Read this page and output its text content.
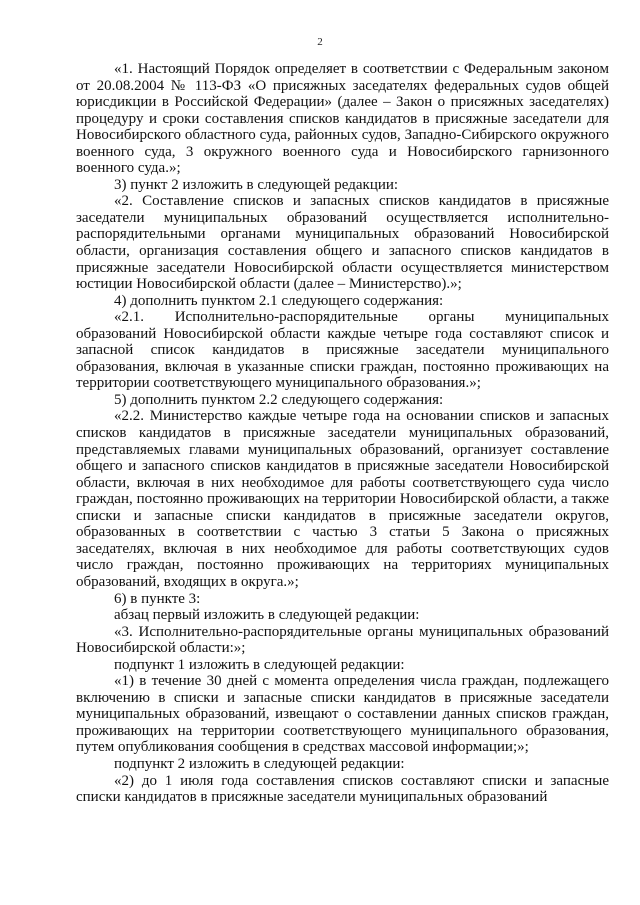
2

«1. Настоящий Порядок определяет в соответствии с Федеральным законом от 20.08.2004 № 113-ФЗ «О присяжных заседателях федеральных судов общей юрисдикции в Российской Федерации» (далее – Закон о присяжных заседателях) процедуру и сроки составления списков кандидатов в присяжные заседатели для Новосибирского областного суда, районных судов, Западно-Сибирского окружного военного суда, 3 окружного военного суда и Новосибирского гарнизонного военного суда.»;

3) пункт 2 изложить в следующей редакции:

«2. Составление списков и запасных списков кандидатов в присяжные заседатели муниципальных образований осуществляется исполнительно-распорядительными органами муниципальных образований Новосибирской области, организация составления общего и запасного списков кандидатов в присяжные заседатели Новосибирской области осуществляется министерством юстиции Новосибирской области (далее – Министерство).»;

4) дополнить пунктом 2.1 следующего содержания:

«2.1. Исполнительно-распорядительные органы муниципальных образований Новосибирской области каждые четыре года составляют список и запасной список кандидатов в присяжные заседатели муниципального образования, включая в указанные списки граждан, постоянно проживающих на территории соответствующего муниципального образования.»;

5) дополнить пунктом 2.2 следующего содержания:

«2.2. Министерство каждые четыре года на основании списков и запасных списков кандидатов в присяжные заседатели муниципальных образований, представляемых главами муниципальных образований, организует составление общего и запасного списков кандидатов в присяжные заседатели Новосибирской области, включая в них необходимое для работы соответствующего суда число граждан, постоянно проживающих на территории Новосибирской области, а также списки и запасные списки кандидатов в присяжные заседатели округов, образованных в соответствии с частью 3 статьи 5 Закона о присяжных заседателях, включая в них необходимое для работы соответствующих судов число граждан, постоянно проживающих на территориях муниципальных образований, входящих в округа.»;

6) в пункте 3:

абзац первый изложить в следующей редакции:

«3. Исполнительно-распорядительные органы муниципальных образований Новосибирской области:»;

подпункт 1 изложить в следующей редакции:

«1) в течение 30 дней с момента определения числа граждан, подлежащего включению в списки и запасные списки кандидатов в присяжные заседатели муниципальных образований, извещают о составлении данных списков граждан, проживающих на территории соответствующего муниципального образования, путем опубликования сообщения в средствах массовой информации;»;

подпункт 2 изложить в следующей редакции:

«2) до 1 июля года составления списков составляют списки и запасные списки кандидатов в присяжные заседатели муниципальных образований
